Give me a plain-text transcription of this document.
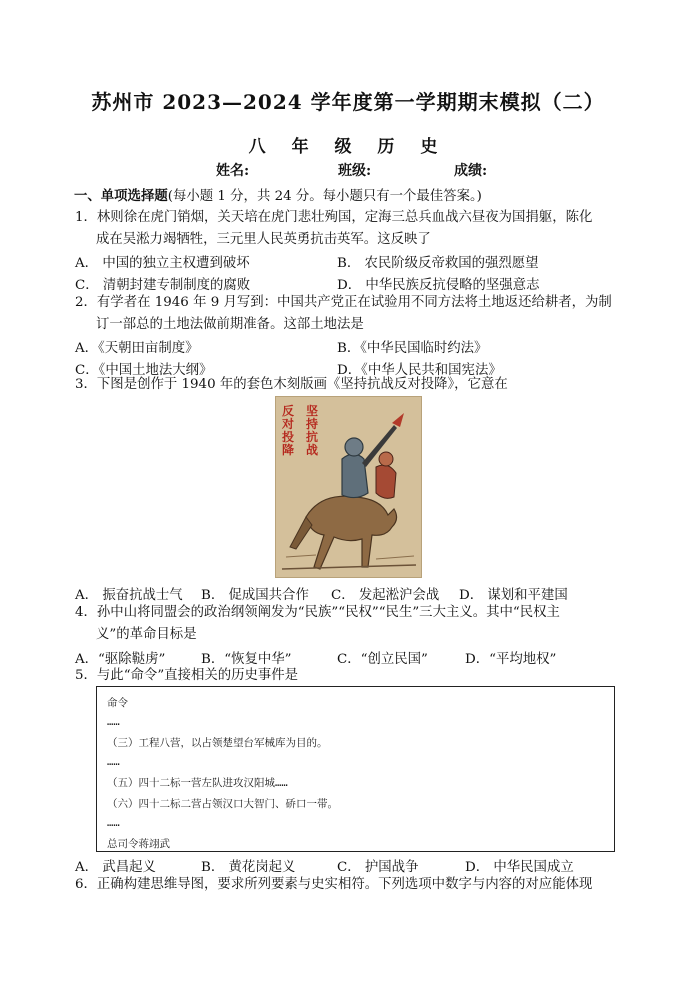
苏州市 2023—2024 学年度第一学期期末模拟（二）
八 年 级 历 史
姓名:	班级:	成绩:
一、单项选择题(每小题 1 分，共 24 分。每小题只有一个最佳答案。)
1．林则徐在虎门销烟，关天培在虎门悲壮殉国，定海三总兵血战六昼夜为国捐躯，陈化
成在吴淞力竭牺牲，三元里人民英勇抗击英军。这反映了
A． 中国的独立主权遭到破坏	B． 农民阶级反帝救国的强烈愿望
C． 清朝封建专制制度的腐败	D． 中华民族反抗侵略的坚强意志
2．有学者在 1946 年 9 月写到：中国共产党正在试验用不同方法将土地返还给耕者，为制
订一部总的土地法做前期准备。这部土地法是
A．《天朝田亩制度》	B．《中华民国临时约法》
C．《中国土地法大纲》	D．《中华人民共和国宪法》
3．下图是创作于 1940 年的套色木刻版画《坚持抗战反对投降》，它意在
反对投降
坚持抗战
A． 振奋抗战士气 B． 促成国共合作 C． 发起淞沪会战 D． 谋划和平建国
4．孙中山将同盟会的政治纲领阐发为“民族”“民权”“民生”三大主义。其中“民权主
义”的革命目标是
A．“驱除鞑虏”	B．“恢复中华”	C．“创立民国”	D．“平均地权”
5．与此“命令”直接相关的历史事件是
命令
……
（三）工程八营，以占领楚望台军械库为目的。
……
（五）四十二标一营左队进攻汉阳城……
（六）四十二标二营占领汉口大智门、硚口一带。
……
总司令蒋翊武
A． 武昌起义	B． 黄花岗起义	C． 护国战争	D． 中华民国成立
6．正确构建思维导图，要求所列要素与史实相符。下列选项中数字与内容的对应能体现
